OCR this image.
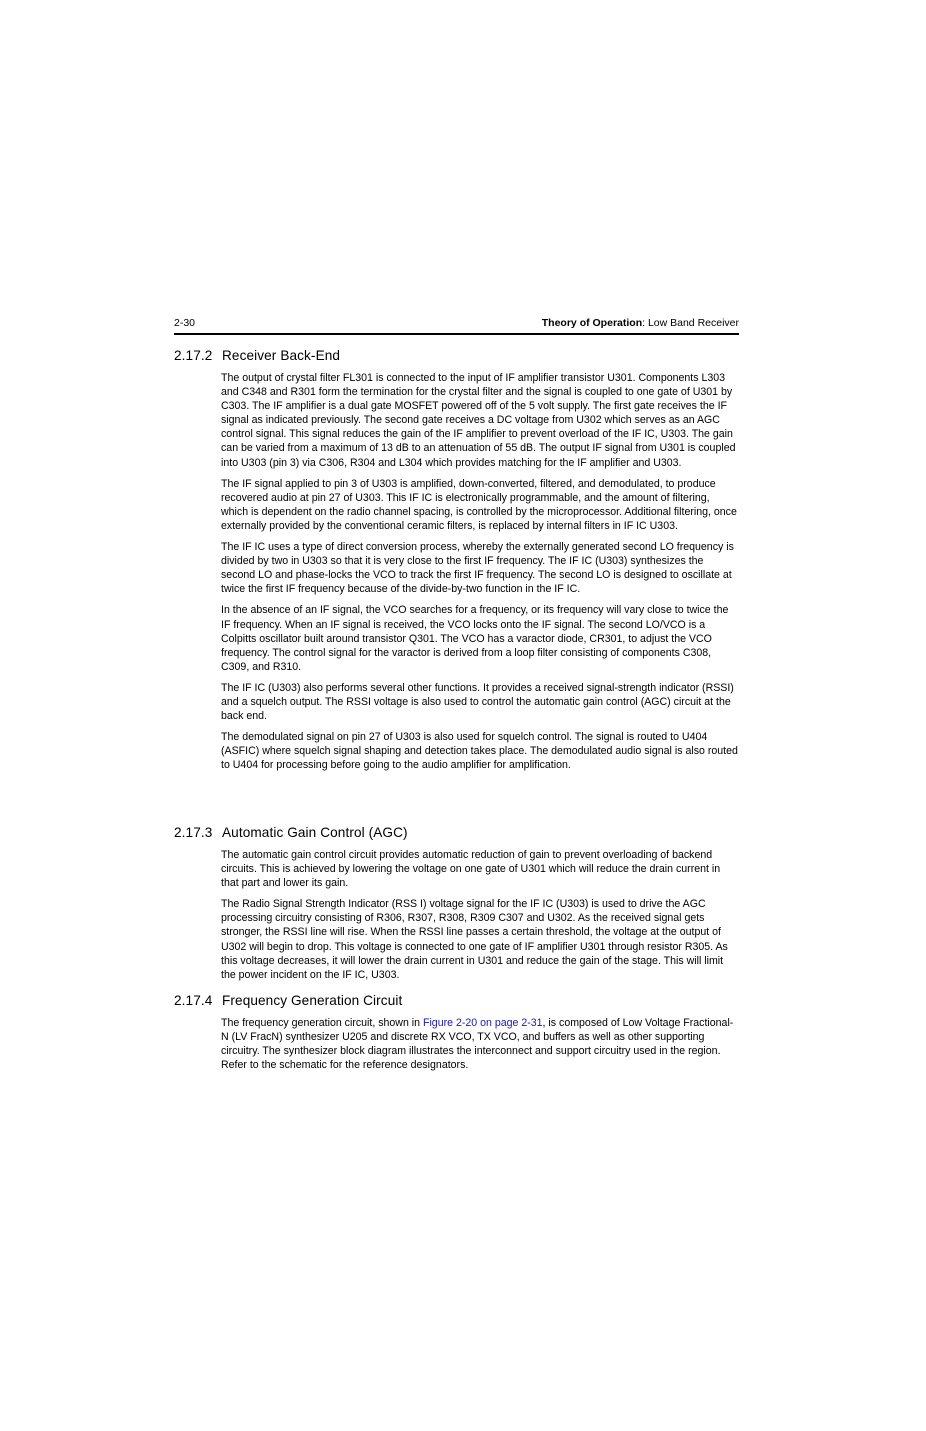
2-30	Theory of Operation: Low Band Receiver
2.17.2 Receiver Back-End

The output of crystal filter FL301 is connected to the input of IF amplifier transistor U301. Components L303 and C348 and R301 form the termination for the crystal filter and the signal is coupled to one gate of U301 by C303. The IF amplifier is a dual gate MOSFET powered off of the 5 volt supply. The first gate receives the IF signal as indicated previously. The second gate receives a DC voltage from U302 which serves as an AGC control signal. This signal reduces the gain of the IF amplifier to prevent overload of the IF IC, U303. The gain can be varied from a maximum of 13 dB to an attenuation of 55 dB. The output IF signal from U301 is coupled into U303 (pin 3) via C306, R304 and L304 which provides matching for the IF amplifier and U303.

The IF signal applied to pin 3 of U303 is amplified, down-converted, filtered, and demodulated, to produce recovered audio at pin 27 of U303. This IF IC is electronically programmable, and the amount of filtering, which is dependent on the radio channel spacing, is controlled by the microprocessor. Additional filtering, once externally provided by the conventional ceramic filters, is replaced by internal filters in IF IC U303.

The IF IC uses a type of direct conversion process, whereby the externally generated second LO frequency is divided by two in U303 so that it is very close to the first IF frequency. The IF IC (U303) synthesizes the second LO and phase-locks the VCO to track the first IF frequency. The second LO is designed to oscillate at twice the first IF frequency because of the divide-by-two function in the IF IC.

In the absence of an IF signal, the VCO searches for a frequency, or its frequency will vary close to twice the IF frequency. When an IF signal is received, the VCO locks onto the IF signal. The second LO/VCO is a Colpitts oscillator built around transistor Q301. The VCO has a varactor diode, CR301, to adjust the VCO frequency. The control signal for the varactor is derived from a loop filter consisting of components C308, C309, and R310.

The IF IC (U303) also performs several other functions. It provides a received signal-strength indicator (RSSI) and a squelch output. The RSSI voltage is also used to control the automatic gain control (AGC) circuit at the back end.

The demodulated signal on pin 27 of U303 is also used for squelch control. The signal is routed to U404 (ASFIC) where squelch signal shaping and detection takes place. The demodulated audio signal is also routed to U404 for processing before going to the audio amplifier for amplification.

2.17.3 Automatic Gain Control (AGC)

The automatic gain control circuit provides automatic reduction of gain to prevent overloading of backend circuits. This is achieved by lowering the voltage on one gate of U301 which will reduce the drain current in that part and lower its gain.

The Radio Signal Strength Indicator (RSS I) voltage signal for the IF IC (U303) is used to drive the AGC processing circuitry consisting of R306, R307, R308, R309 C307 and U302. As the received signal gets stronger, the RSSI line will rise. When the RSSI line passes a certain threshold, the voltage at the output of U302 will begin to drop. This voltage is connected to one gate of IF amplifier U301 through resistor R305. As this voltage decreases, it will lower the drain current in U301 and reduce the gain of the stage. This will limit the power incident on the IF IC, U303.

2.17.4 Frequency Generation Circuit

The frequency generation circuit, shown in Figure 2-20 on page 2-31, is composed of Low Voltage Fractional-N (LV FracN) synthesizer U205 and discrete RX VCO, TX VCO, and buffers as well as other supporting circuitry. The synthesizer block diagram illustrates the interconnect and support circuitry used in the region. Refer to the schematic for the reference designators.
